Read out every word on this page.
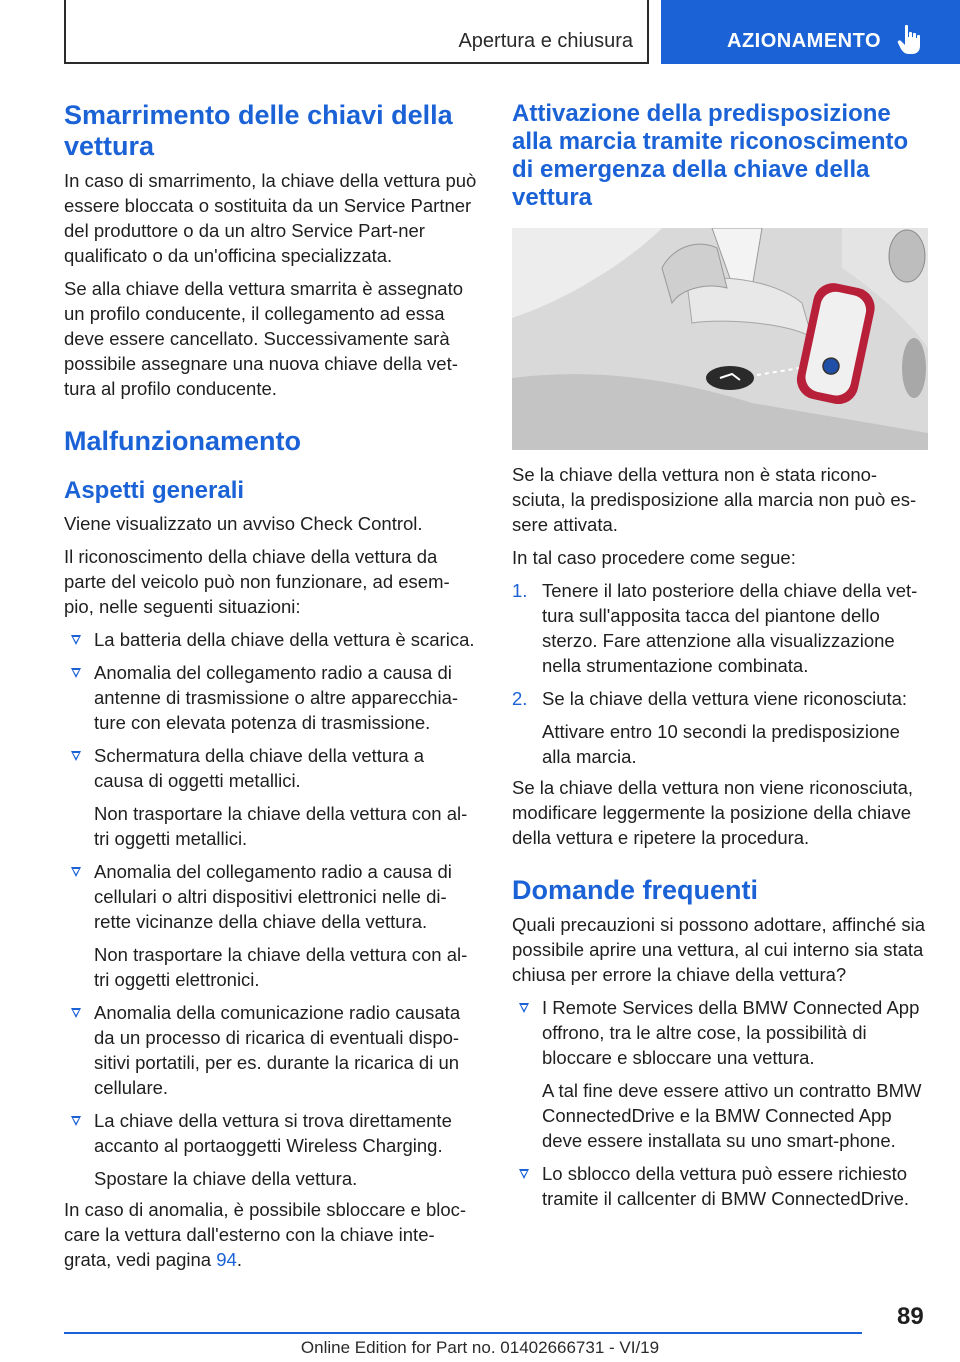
Apertura e chiusura	AZIONAMENTO
Smarrimento delle chiavi della vettura

In caso di smarrimento, la chiave della vettura può essere bloccata o sostituita da un Service Partner del produttore o da un altro Service Part-ner qualificato o da un'officina specializzata.

Se alla chiave della vettura smarrita è assegnato un profilo conducente, il collegamento ad essa deve essere cancellato. Successivamente sarà possibile assegnare una nuova chiave della vet-tura al profilo conducente.

Malfunzionamento
Aspetti generali

Viene visualizzato un avviso Check Control.

Il riconoscimento della chiave della vettura da parte del veicolo può non funzionare, ad esem-pio, nelle seguenti situazioni:

La batteria della chiave della vettura è scarica.
Anomalia del collegamento radio a causa di antenne di trasmissione o altre apparecchia-ture con elevata potenza di trasmissione.
Schermatura della chiave della vettura a causa di oggetti metallici.
Non trasportare la chiave della vettura con al-tri oggetti metallici.
Anomalia del collegamento radio a causa di cellulari o altri dispositivi elettronici nelle di-rette vicinanze della chiave della vettura.
Non trasportare la chiave della vettura con al-tri oggetti elettronici.
Anomalia della comunicazione radio causata da un processo di ricarica di eventuali dispo-sitivi portatili, per es. durante la ricarica di un cellulare.
La chiave della vettura si trova direttamente accanto al portaoggetti Wireless Charging.
Spostare la chiave della vettura.

In caso di anomalia, è possibile sbloccare e bloc-care la vettura dall'esterno con la chiave inte-grata, vedi pagina 94.

Attivazione della predisposizione alla marcia tramite riconoscimento di emergenza della chiave della vettura

Se la chiave della vettura non è stata ricono-sciuta, la predisposizione alla marcia non può es-sere attivata.

In tal caso procedere come segue:

1. Tenere il lato posteriore della chiave della vet-tura sull'apposita tacca del piantone dello sterzo. Fare attenzione alla visualizzazione nella strumentazione combinata.
2. Se la chiave della vettura viene riconosciuta:
Attivare entro 10 secondi la predisposizione alla marcia.

Se la chiave della vettura non viene riconosciuta, modificare leggermente la posizione della chiave della vettura e ripetere la procedura.

Domande frequenti

Quali precauzioni si possono adottare, affinché sia possibile aprire una vettura, al cui interno sia stata chiusa per errore la chiave della vettura?

I Remote Services della BMW Connected App offrono, tra le altre cose, la possibilità di bloccare e sbloccare una vettura.
A tal fine deve essere attivo un contratto BMW ConnectedDrive e la BMW Connected App deve essere installata su uno smart-phone.
Lo sblocco della vettura può essere richiesto tramite il callcenter di BMW ConnectedDrive.
89
Online Edition for Part no. 01402666731 - VI/19
